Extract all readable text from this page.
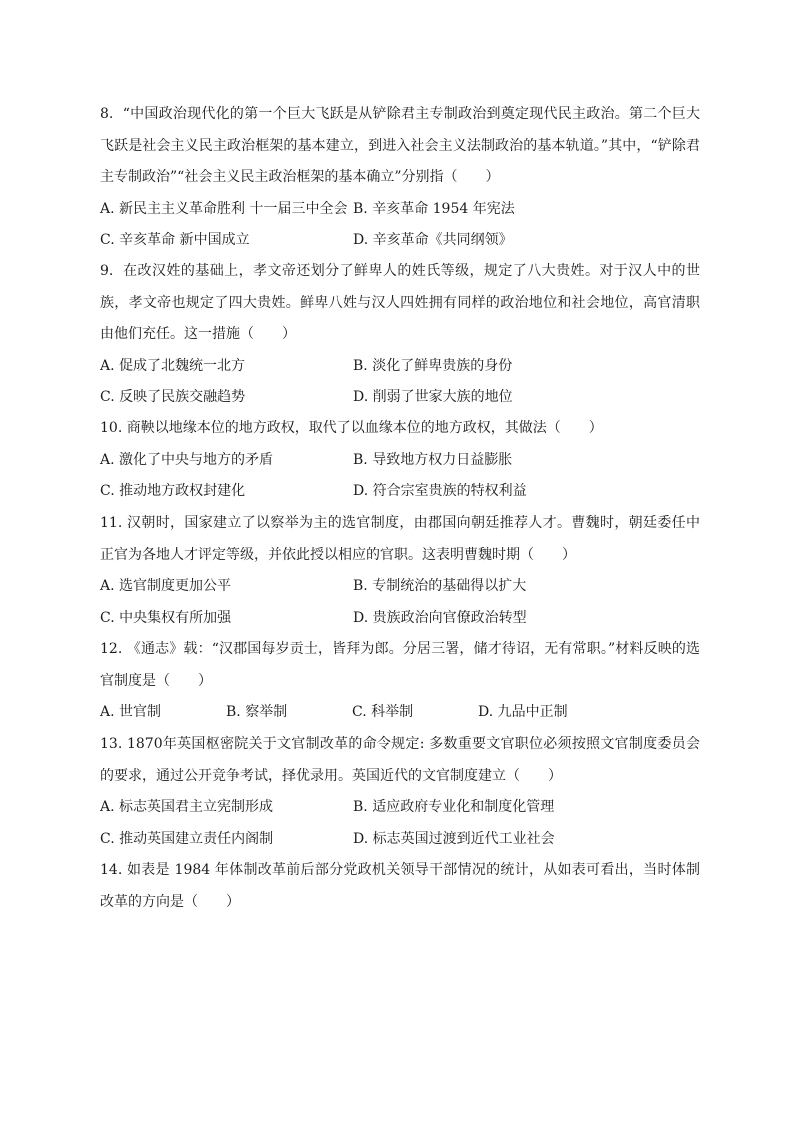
8.  “中国政治现代化的第一个巨大飞跃是从铲除君主专制政治到奠定现代民主政治。第二个巨大飞跃是社会主义民主政治框架的基本建立，到进入社会主义法制政治的基本轨道。”其中，“铲除君主专制政治”“社会主义民主政治框架的基本确立”分别指（　　）

A. 新民主主义革命胜利 十一届三中全会 B. 辛亥革命 1954 年宪法
C. 辛亥革命 新中国成立	D. 辛亥革命《共同纲领》

9.  在改汉姓的基础上，孝文帝还划分了鲜卑人的姓氏等级，规定了八大贵姓。对于汉人中的世族，孝文帝也规定了四大贵姓。鲜卑八姓与汉人四姓拥有同样的政治地位和社会地位，高官清职由他们充任。这一措施（　　）

A. 促成了北魏统一北方	B. 淡化了鲜卑贵族的身份
C. 反映了民族交融趋势	D. 削弱了世家大族的地位

10. 商鞅以地缘本位的地方政权，取代了以血缘本位的地方政权，其做法（　　）

A. 激化了中央与地方的矛盾	B. 导致地方权力日益膨胀
C. 推动地方政权封建化	D. 符合宗室贵族的特权利益

11. 汉朝时，国家建立了以察举为主的选官制度，由郡国向朝廷推荐人才。曹魏时，朝廷委任中正官为各地人才评定等级，并依此授以相应的官职。这表明曹魏时期（　　）

A. 选官制度更加公平	B. 专制统治的基础得以扩大
C. 中央集权有所加强	D. 贵族政治向官僚政治转型

12. 《通志》载：“汉郡国每岁贡士，皆拜为郎。分居三署，储才待诏，无有常职。”材料反映的选官制度是（　　）

A. 世官制	B. 察举制	C. 科举制	D. 九品中正制

13. 1870年英国枢密院关于文官制改革的命令规定: 多数重要文官职位必须按照文官制度委员会的要求，通过公开竞争考试，择优录用。英国近代的文官制度建立（　　）

A. 标志英国君主立宪制形成	B. 适应政府专业化和制度化管理
C. 推动英国建立责任内阁制	D. 标志英国过渡到近代工业社会

14. 如表是 1984 年体制改革前后部分党政机关领导干部情况的统计，从如表可看出，当时体制改革的方向是（　　）
